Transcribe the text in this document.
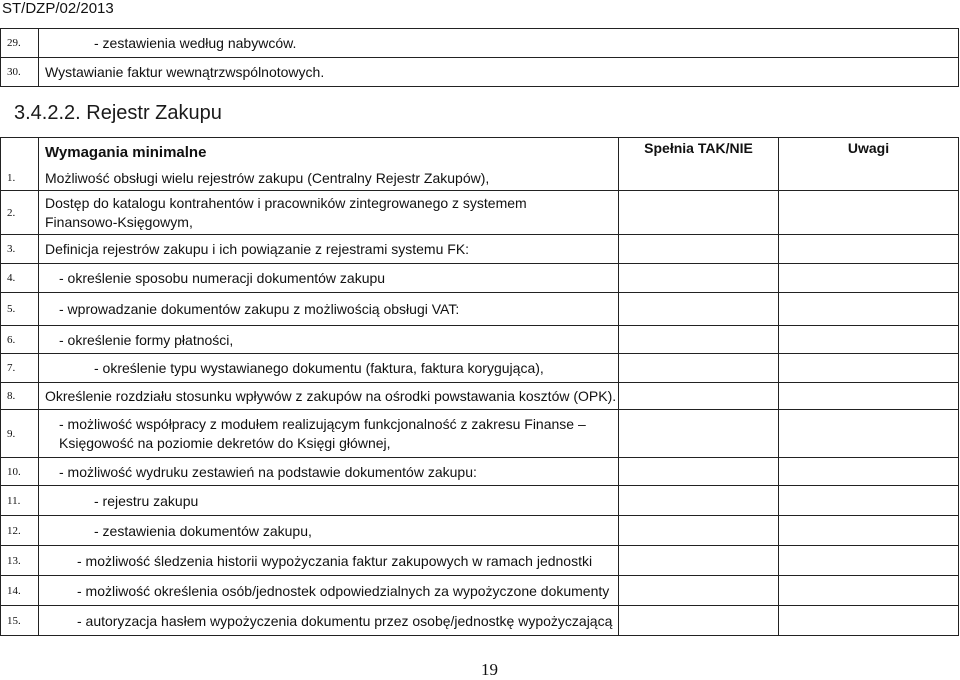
ST/DZP/02/2013
29.	- zestawienia według nabywców.
30.	Wystawianie faktur wewnątrzwspólnotowych.
3.4.2.2. Rejestr Zakupu
	Wymagania minimalne	Spełnia TAK/NIE	Uwagi
1.	Możliwość obsługi wielu rejestrów zakupu (Centralny Rejestr Zakupów),		
2.	Dostęp do katalogu kontrahentów i pracowników zintegrowanego z systemem Finansowo-Księgowym,		
3.	Definicja rejestrów zakupu i ich powiązanie z rejestrami systemu FK:		
4.	- określenie sposobu numeracji dokumentów zakupu		
5.	- wprowadzanie dokumentów zakupu z możliwością obsługi VAT:		
6.	- określenie formy płatności,		
7.	- określenie typu wystawianego dokumentu (faktura, faktura korygująca),		
8.	Określenie rozdziału stosunku wpływów z zakupów na ośrodki powstawania kosztów (OPK).		
9.	- możliwość współpracy z modułem realizującym funkcjonalność z zakresu Finanse – Księgowość na poziomie dekretów do Księgi głównej,		
10.	- możliwość wydruku zestawień na podstawie dokumentów zakupu:		
11.	- rejestru zakupu		
12.	- zestawienia dokumentów zakupu,		
13.	- możliwość śledzenia historii wypożyczania faktur zakupowych w ramach jednostki		
14.	- możliwość określenia osób/jednostek odpowiedzialnych za wypożyczone dokumenty		
15.	- autoryzacja hasłem wypożyczenia dokumentu przez osobę/jednostkę wypożyczającą		
19
